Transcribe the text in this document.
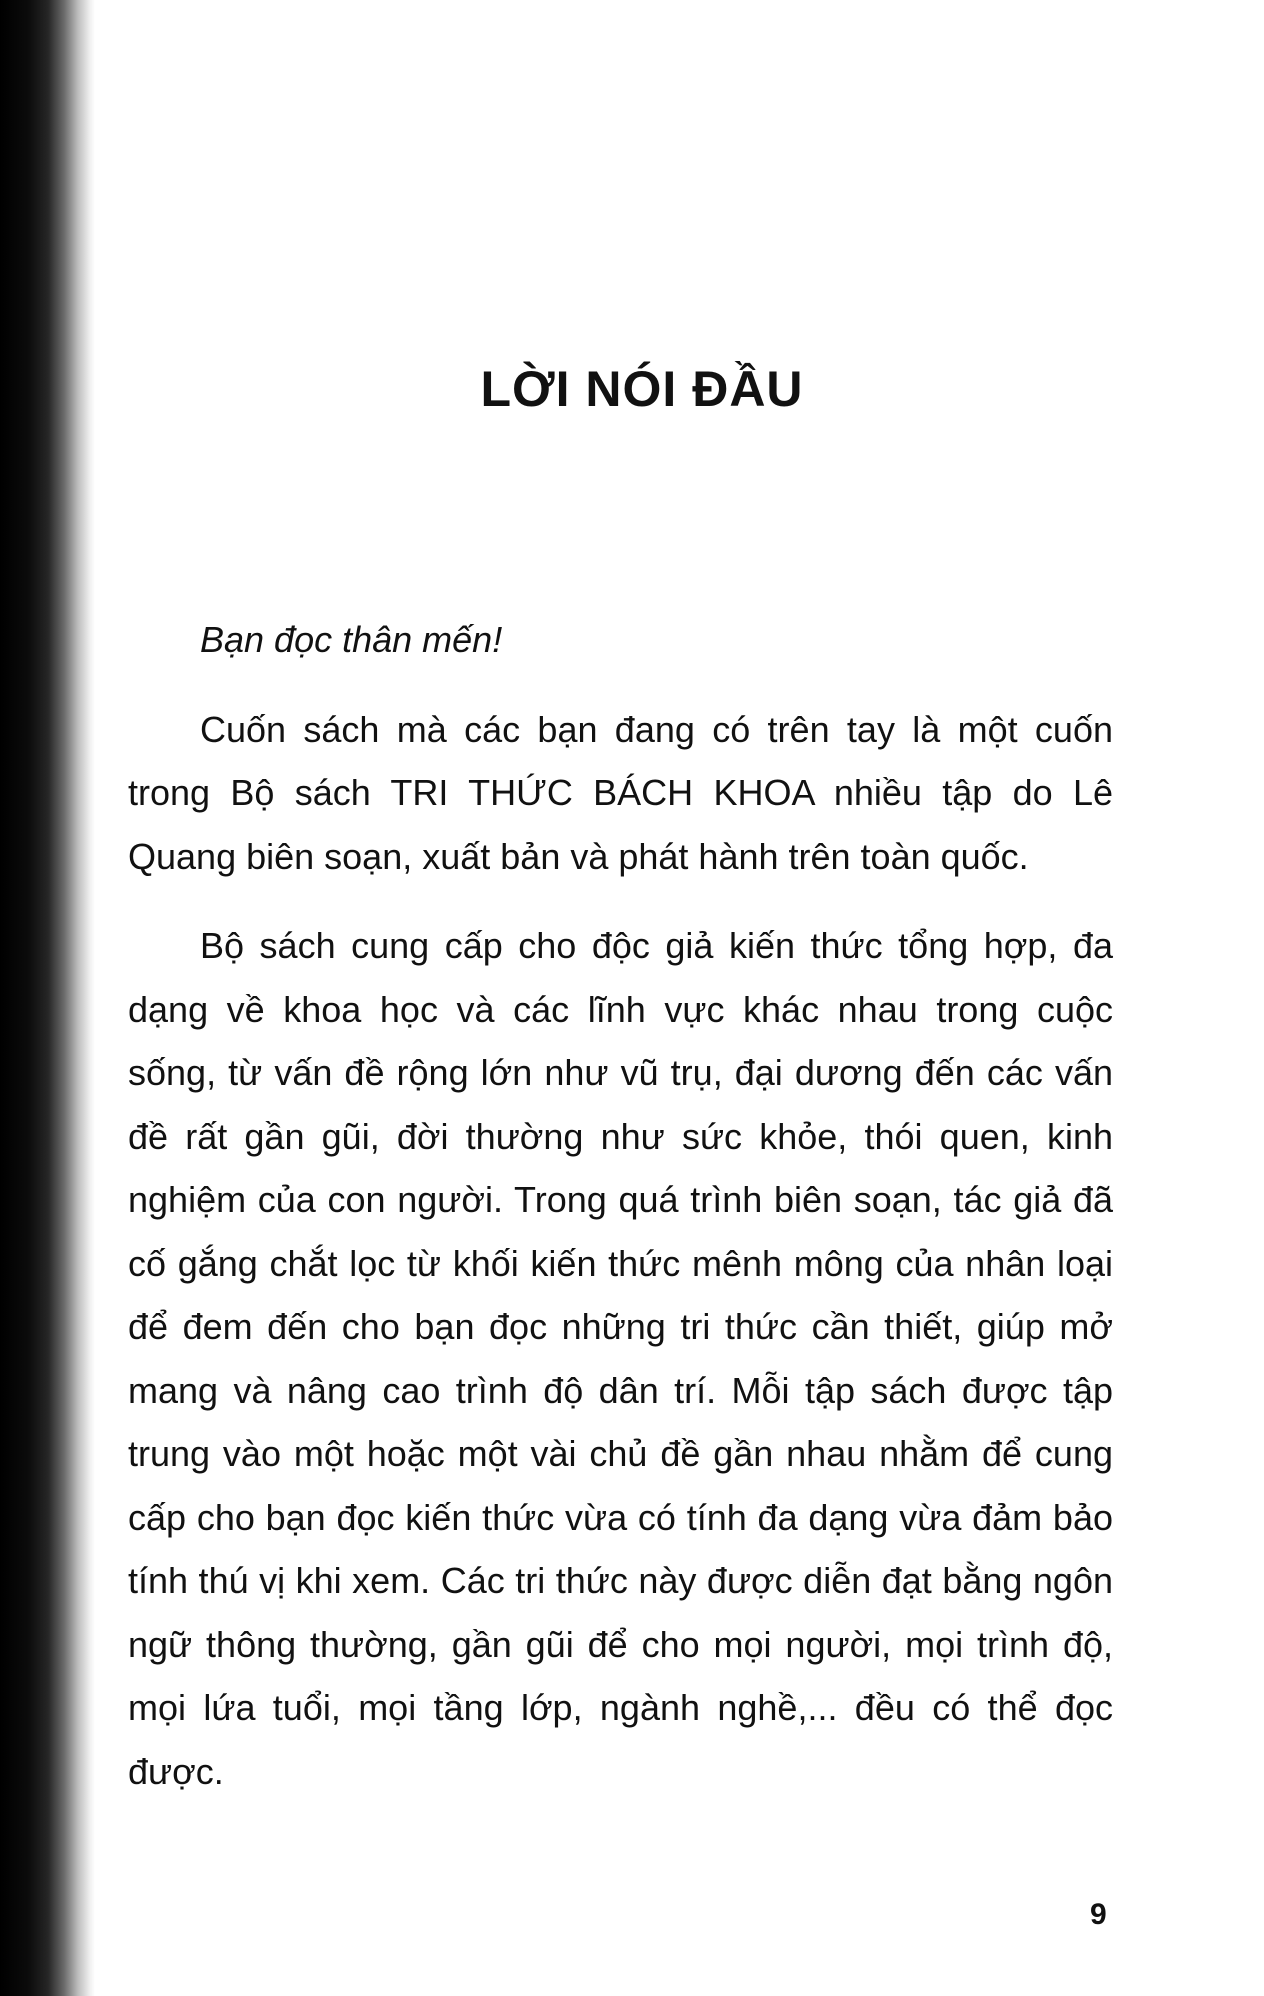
LỜI NÓI ĐẦU

Bạn đọc thân mến!

Cuốn sách mà các bạn đang có trên tay là một cuốn trong Bộ sách TRI THỨC BÁCH KHOA nhiều tập do Lê Quang biên soạn, xuất bản và phát hành trên toàn quốc.

Bộ sách cung cấp cho độc giả kiến thức tổng hợp, đa dạng về khoa học và các lĩnh vực khác nhau trong cuộc sống, từ vấn đề rộng lớn như vũ trụ, đại dương đến các vấn đề rất gần gũi, đời thường như sức khỏe, thói quen, kinh nghiệm của con người. Trong quá trình biên soạn, tác giả đã cố gắng chắt lọc từ khối kiến thức mênh mông của nhân loại để đem đến cho bạn đọc những tri thức cần thiết, giúp mở mang và nâng cao trình độ dân trí. Mỗi tập sách được tập trung vào một hoặc một vài chủ đề gần nhau nhằm để cung cấp cho bạn đọc kiến thức vừa có tính đa dạng vừa đảm bảo tính thú vị khi xem. Các tri thức này được diễn đạt bằng ngôn ngữ thông thường, gần gũi để cho mọi người, mọi trình độ, mọi lứa tuổi, mọi tầng lớp, ngành nghề,... đều có thể đọc được.

9
